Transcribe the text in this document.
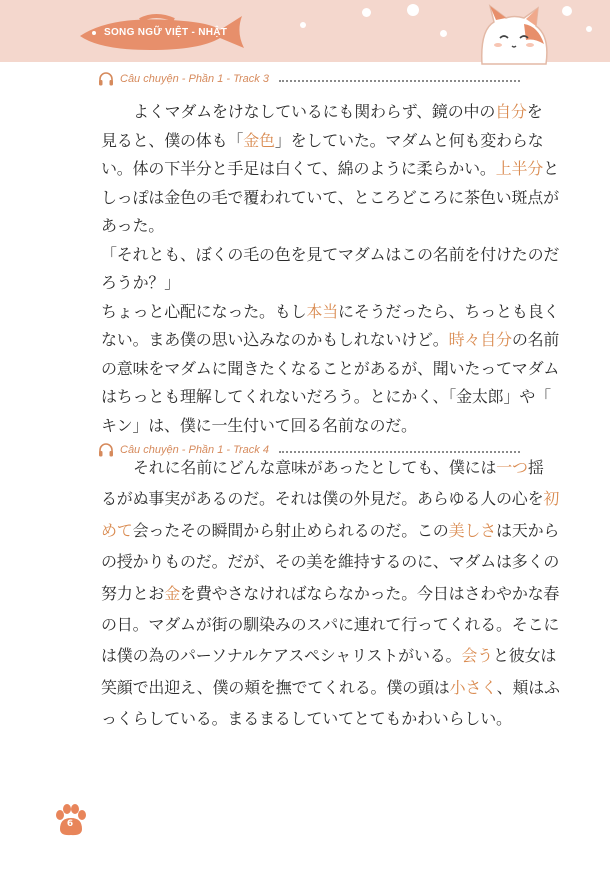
SONG NGỮ VIỆT - NHẬT
Câu chuyện - Phần 1 - Track 3
よくマダムをけなしているにも関わらず、鏡の中の自分を
見ると、僕の体も「金色」をしていた。マダムと何も変わらな
い。体の下半分と手足は白くて、綿のように柔らかい。上半分と
しっぽは金色の毛で覆われていて、ところどころに茶色い斑点が
あった。
「それとも、ぼくの毛の色を見てマダムはこの名前を付けたのだ
ろうか？」
ちょっと心配になった。もし本当にそうだったら、ちっとも良く
ない。まあ僕の思い込みなのかもしれないけど。時々自分の名前
の意味をマダムに聞きたくなることがあるが、聞いたってマダム
はちっとも理解してくれないだろう。とにかく、「金太郎」や「
キン」は、僕に一生付いて回る名前なのだ。
Câu chuyện - Phần 1 - Track 4
それに名前にどんな意味があったとしても、僕には一つ揺
るがぬ事実があるのだ。それは僕の外見だ。あらゆる人の心を初
めて会ったその瞬間から射止められるのだ。この美しさは天から
の授かりものだ。だが、その美を維持するのに、マダムは多くの
努力とお金を費やさなければならなかった。今日はさわやかな春
の日。マダムが街の馴染みのスパに連れて行ってくれる。そこに
は僕の為のパーソナルケアスペシャリストがいる。会うと彼女は
笑顔で出迎え、僕の頬を撫でてくれる。僕の頭は小さく、頬はふ
っくらしている。まるまるしていてとてもかわいらしい。
6
